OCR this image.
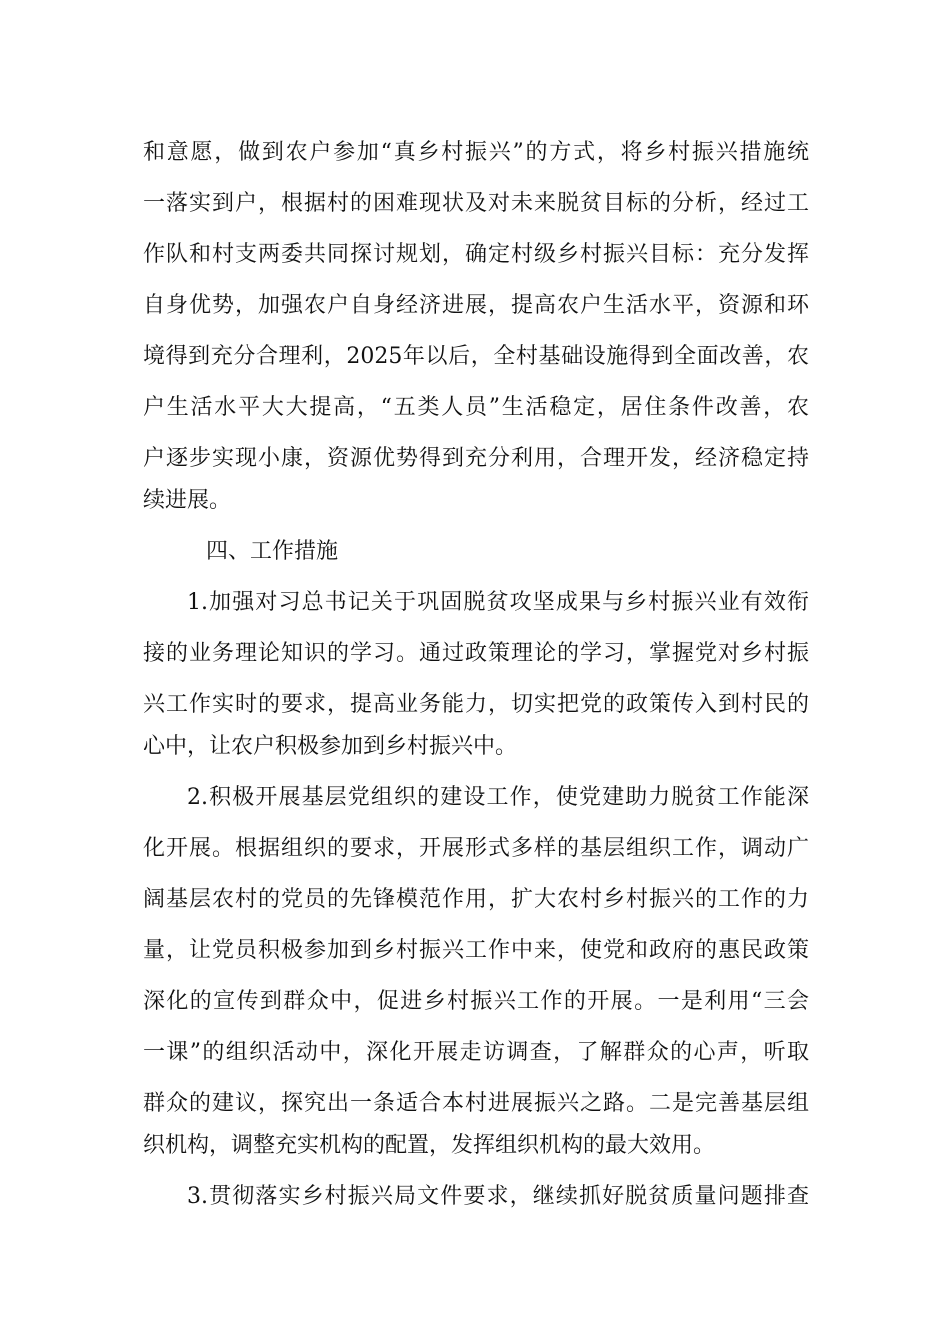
和意愿，做到农户参加“真乡村振兴”的方式，将乡村振兴措施统
一落实到户，根据村的困难现状及对未来脱贫目标的分析，经过工
作队和村支两委共同探讨规划，确定村级乡村振兴目标：充分发挥
自身优势，加强农户自身经济进展，提高农户生活水平，资源和环
境得到充分合理利，2025年以后，全村基础设施得到全面改善，农
户生活水平大大提高，“五类人员”生活稳定，居住条件改善，农
户逐步实现小康，资源优势得到充分利用，合理开发，经济稳定持
续进展。
四、工作措施
1.加强对习总书记关于巩固脱贫攻坚成果与乡村振兴业有效衔
接的业务理论知识的学习。通过政策理论的学习，掌握党对乡村振
兴工作实时的要求，提高业务能力，切实把党的政策传入到村民的
心中，让农户积极参加到乡村振兴中。
2.积极开展基层党组织的建设工作，使党建助力脱贫工作能深
化开展。根据组织的要求，开展形式多样的基层组织工作，调动广
阔基层农村的党员的先锋模范作用，扩大农村乡村振兴的工作的力
量，让党员积极参加到乡村振兴工作中来，使党和政府的惠民政策
深化的宣传到群众中，促进乡村振兴工作的开展。一是利用“三会
一课”的组织活动中，深化开展走访调查，了解群众的心声，听取
群众的建议，探究出一条适合本村进展振兴之路。二是完善基层组
织机构，调整充实机构的配置，发挥组织机构的最大效用。
3.贯彻落实乡村振兴局文件要求，继续抓好脱贫质量问题排查
